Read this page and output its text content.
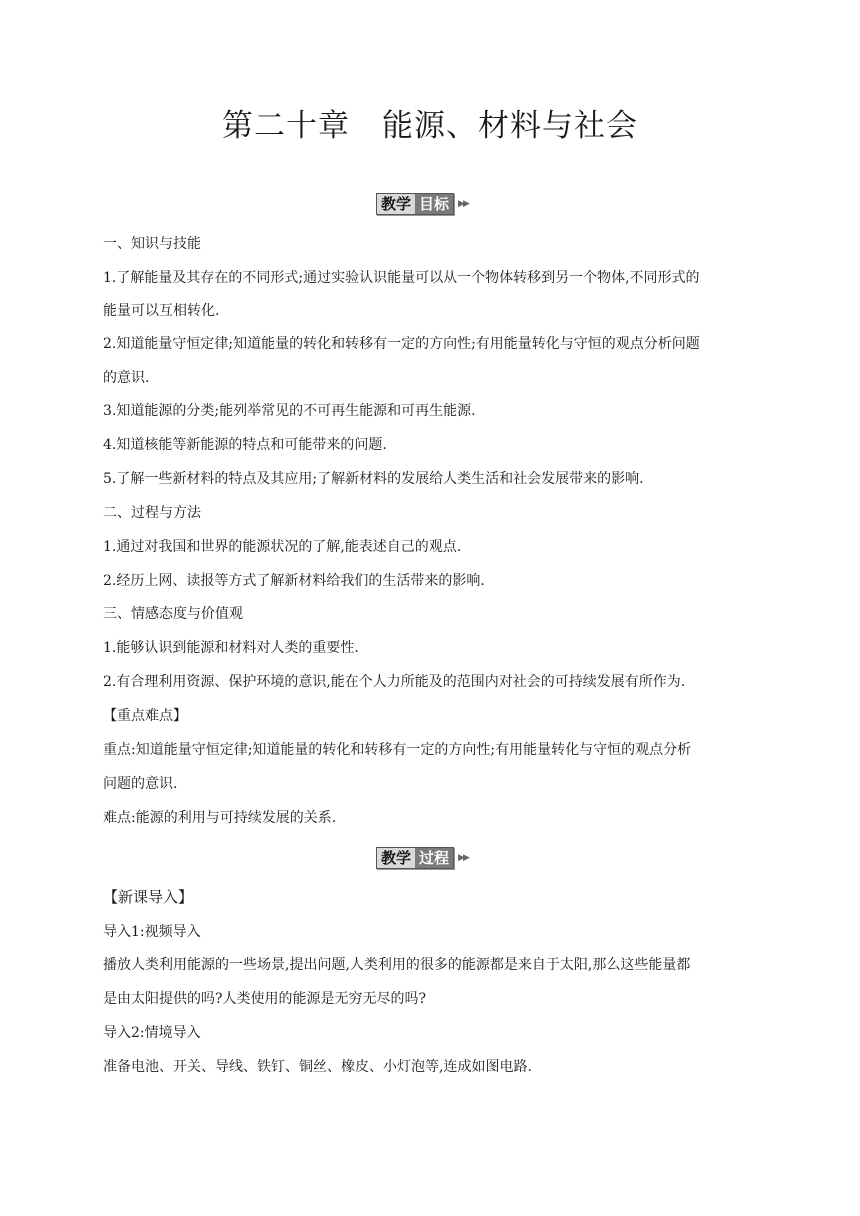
第二十章　能源、材料与社会
教学 目标	▶▶
一、知识与技能
1.了解能量及其存在的不同形式;通过实验认识能量可以从一个物体转移到另一个物体,不同形式的
能量可以互相转化.
2.知道能量守恒定律;知道能量的转化和转移有一定的方向性;有用能量转化与守恒的观点分析问题
的意识.
3.知道能源的分类;能列举常见的不可再生能源和可再生能源.
4.知道核能等新能源的特点和可能带来的问题.
5.了解一些新材料的特点及其应用;了解新材料的发展给人类生活和社会发展带来的影响.
二、过程与方法
1.通过对我国和世界的能源状况的了解,能表述自己的观点.
2.经历上网、读报等方式了解新材料给我们的生活带来的影响.
三、情感态度与价值观
1.能够认识到能源和材料对人类的重要性.
2.有合理利用资源、保护环境的意识,能在个人力所能及的范围内对社会的可持续发展有所作为.
【重点难点】
重点:知道能量守恒定律;知道能量的转化和转移有一定的方向性;有用能量转化与守恒的观点分析
问题的意识.
难点:能源的利用与可持续发展的关系.
教学 过程	▶▶
【新课导入】
导入1:视频导入
播放人类利用能源的一些场景,提出问题,人类利用的很多的能源都是来自于太阳,那么这些能量都
是由太阳提供的吗?人类使用的能源是无穷无尽的吗?
导入2:情境导入
准备电池、开关、导线、铁钉、铜丝、橡皮、小灯泡等,连成如图电路.
